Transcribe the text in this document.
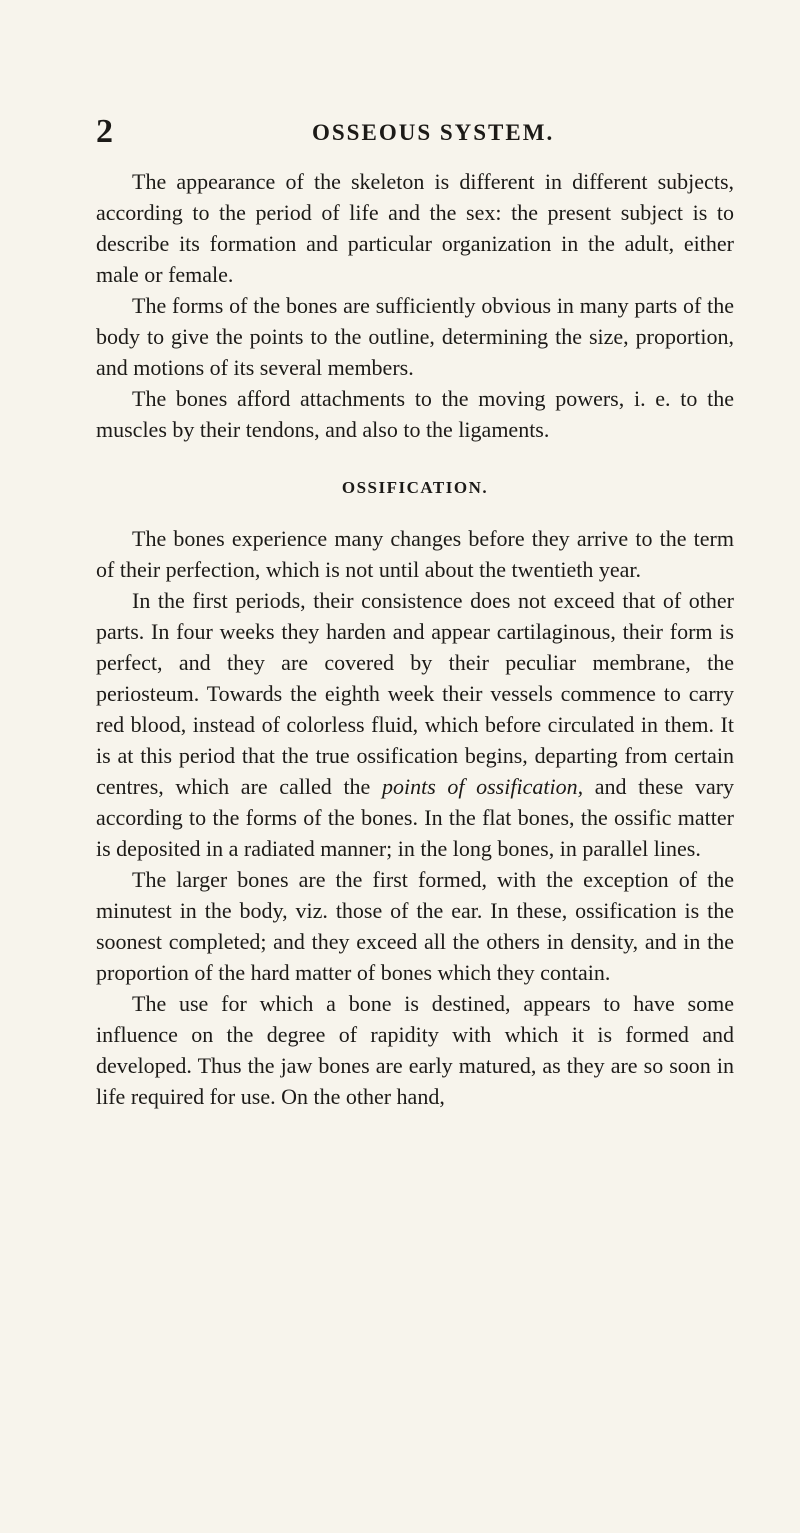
2	OSSEOUS SYSTEM.

The appearance of the skeleton is different in different subjects, according to the period of life and the sex: the present subject is to describe its formation and particular organization in the adult, either male or female.

The forms of the bones are sufficiently obvious in many parts of the body to give the points to the outline, determining the size, proportion, and motions of its several members.

The bones afford attachments to the moving powers, i. e. to the muscles by their tendons, and also to the ligaments.

OSSIFICATION.

The bones experience many changes before they arrive to the term of their perfection, which is not until about the twentieth year.

In the first periods, their consistence does not exceed that of other parts. In four weeks they harden and appear cartilaginous, their form is perfect, and they are covered by their peculiar membrane, the periosteum. Towards the eighth week their vessels commence to carry red blood, instead of colorless fluid, which before circulated in them. It is at this period that the true ossification begins, departing from certain centres, which are called the points of ossification, and these vary according to the forms of the bones. In the flat bones, the ossific matter is deposited in a radiated manner; in the long bones, in parallel lines.

The larger bones are the first formed, with the exception of the minutest in the body, viz. those of the ear. In these, ossification is the soonest completed; and they exceed all the others in density, and in the proportion of the hard matter of bones which they contain.

The use for which a bone is destined, appears to have some influence on the degree of rapidity with which it is formed and developed. Thus the jaw bones are early matured, as they are so soon in life required for use. On the other hand,
